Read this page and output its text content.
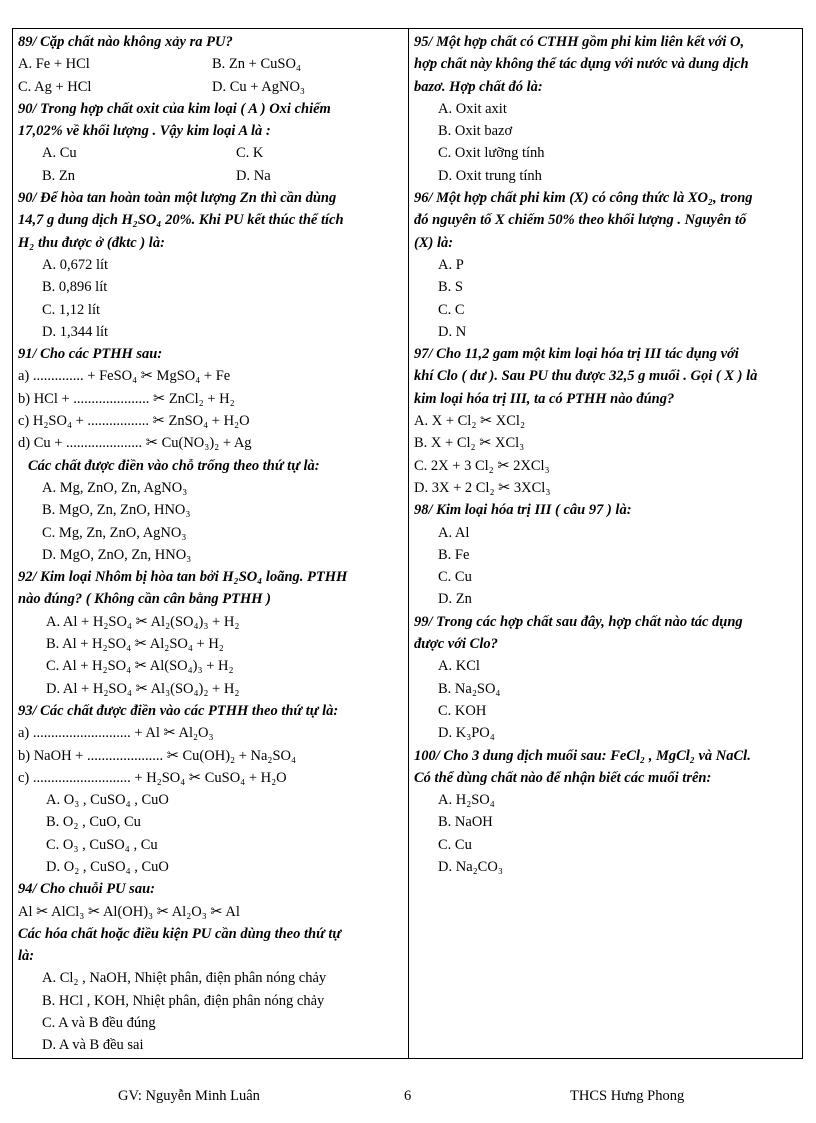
89/ Cặp chất nào không xảy ra PU?
A. Fe + HCl	B. Zn + CuSO₄
C. Ag + HCl	D. Cu + AgNO₃
90/ Trong hợp chất oxit của kim loại ( A ) Oxi chiếm
17,02% về khối lượng . Vậy kim loại A là :
A. Cu	C. K
B. Zn	D. Na
90/ Để hòa tan hoàn toàn một lượng Zn thì cần dùng
14,7 g dung dịch H₂SO₄ 20%. Khi PU kết thúc thể tích
H₂ thu được ở (đktc ) là:
A. 0,672 lít
B. 0,896 lít
C. 1,12 lít
D. 1,344 lít
91/ Cho các PTHH sau:
a) .............. + FeSO₄ ✂ MgSO₄ + Fe
b) HCl + ..................... ✂ ZnCl₂ + H₂
c) H₂SO₄ + ................. ✂ ZnSO₄ + H₂O
d) Cu + ..................... ✂ Cu(NO₃)₂ + Ag
Các chất được điền vào chỗ trống theo thứ tự là:
A. Mg, ZnO, Zn, AgNO₃
B. MgO, Zn, ZnO, HNO₃
C. Mg, Zn, ZnO, AgNO₃
D. MgO, ZnO, Zn, HNO₃
92/ Kim loại Nhôm bị hòa tan bởi H₂SO₄ loãng. PTHH
nào đúng? ( Không cần cân bằng PTHH )
A. Al + H₂SO₄ ✂ Al₂(SO₄)₃ + H₂
B. Al + H₂SO₄ ✂ Al₂SO₄ + H₂
C. Al + H₂SO₄ ✂ Al(SO₄)₃ + H₂
D. Al + H₂SO₄ ✂ Al₃(SO₄)₂ + H₂
93/ Các chất được điền vào các PTHH theo thứ tự là:
a) ........................... + Al ✂ Al₂O₃
b) NaOH + ..................... ✂ Cu(OH)₂ + Na₂SO₄
c) ........................... + H₂SO₄ ✂ CuSO₄ + H₂O
A. O₃ , CuSO₄ , CuO
B. O₂ , CuO, Cu
C. O₃ , CuSO₄ , Cu
D. O₂ , CuSO₄ , CuO
94/ Cho chuỗi PU sau:
Al ✂ AlCl₃ ✂ Al(OH)₃ ✂ Al₂O₃ ✂ Al
Các hóa chất hoặc điều kiện PU cần dùng theo thứ tự
là:
A. Cl₂ , NaOH, Nhiệt phân, điện phân nóng chảy
B. HCl , KOH, Nhiệt phân, điện phân nóng chảy
C. A và B đều đúng
D. A và B đều sai
95/ Một hợp chất có CTHH gồm phi kim liên kết với O,
hợp chất này không thể tác dụng với nước và dung dịch
bazơ. Hợp chất đó là:
A. Oxit axit
B. Oxit bazơ
C. Oxit lưỡng tính
D. Oxit trung tính
96/ Một hợp chất phi kim (X) có công thức là XO₂, trong
đó nguyên tố X chiếm 50% theo khối lượng . Nguyên tố
(X) là:
A. P
B. S
C. C
D. N
97/ Cho 11,2 gam một kim loại hóa trị III tác dụng với
khí Clo ( dư ). Sau PU thu được 32,5 g muối . Gọi ( X ) là
kim loại hóa trị III, ta có PTHH nào đúng?
A. X + Cl₂ ✂ XCl₂
B. X + Cl₂ ✂ XCl₃
C. 2X + 3 Cl₂ ✂ 2XCl₃
D. 3X + 2 Cl₂ ✂ 3XCl₃
98/ Kim loại hóa trị III ( câu 97 ) là:
A. Al
B. Fe
C. Cu
D. Zn
99/ Trong các hợp chất sau đây, hợp chất nào tác dụng
được với Clo?
A. KCl
B. Na₂SO₄
C. KOH
D. K₃PO₄
100/ Cho 3 dung dịch muối sau: FeCl₂ , MgCl₂ và NaCl.
Có thể dùng chất nào để nhận biết các muối trên:
A. H₂SO₄
B. NaOH
C. Cu
D. Na₂CO₃
GV: Nguyễn Minh Luân	6	THCS Hưng Phong
